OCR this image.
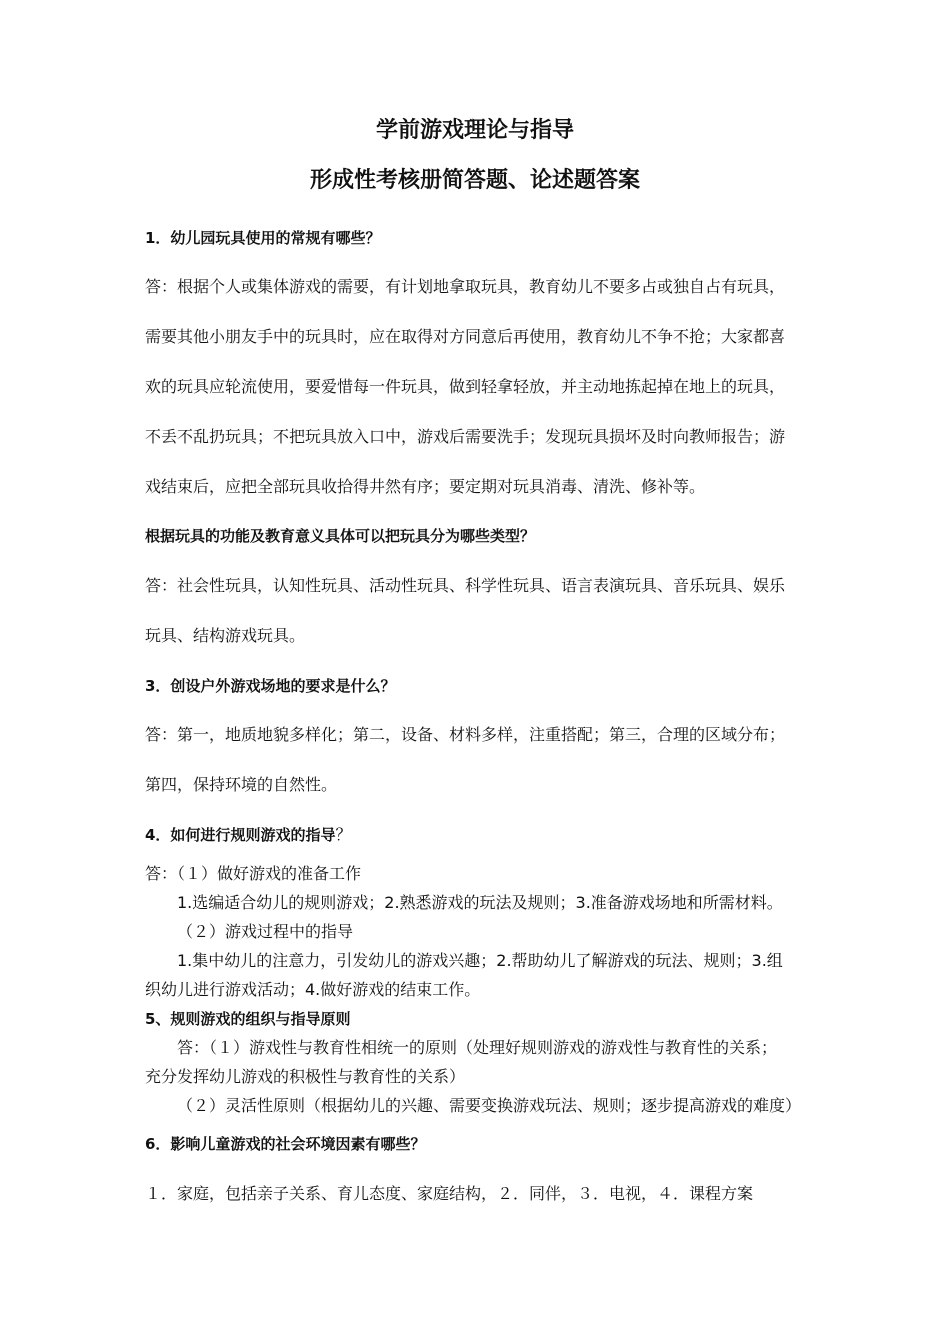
学前游戏理论与指导
形成性考核册简答题、论述题答案
1．幼儿园玩具使用的常规有哪些？
答：根据个人或集体游戏的需要，有计划地拿取玩具，教育幼儿不要多占或独自占有玩具，
需要其他小朋友手中的玩具时，应在取得对方同意后再使用，教育幼儿不争不抢；大家都喜
欢的玩具应轮流使用，要爱惜每一件玩具，做到轻拿轻放，并主动地拣起掉在地上的玩具，
不丢不乱扔玩具；不把玩具放入口中，游戏后需要洗手；发现玩具损坏及时向教师报告；游
戏结束后，应把全部玩具收拾得井然有序；要定期对玩具消毒、清洗、修补等。
根据玩具的功能及教育意义具体可以把玩具分为哪些类型？
答：社会性玩具，认知性玩具、活动性玩具、科学性玩具、语言表演玩具、音乐玩具、娱乐
玩具、结构游戏玩具。
3．创设户外游戏场地的要求是什么？
答：第一，地质地貌多样化；第二，设备、材料多样，注重搭配；第三，合理的区域分布；
第四，保持环境的自然性。
4．如何进行规则游戏的指导？
答：（１）做好游戏的准备工作
1.选编适合幼儿的规则游戏；2.熟悉游戏的玩法及规则；3.准备游戏场地和所需材料。
（２）游戏过程中的指导
1.集中幼儿的注意力，引发幼儿的游戏兴趣；2.帮助幼儿了解游戏的玩法、规则；3.组
织幼儿进行游戏活动；4.做好游戏的结束工作。
5、规则游戏的组织与指导原则
答：（１）游戏性与教育性相统一的原则（处理好规则游戏的游戏性与教育性的关系；
充分发挥幼儿游戏的积极性与教育性的关系）
（２）灵活性原则（根据幼儿的兴趣、需要变换游戏玩法、规则；逐步提高游戏的难度）
6．影响儿童游戏的社会环境因素有哪些？
１．家庭，包括亲子关系、育儿态度、家庭结构，２．同伴，３．电视，４．课程方案
